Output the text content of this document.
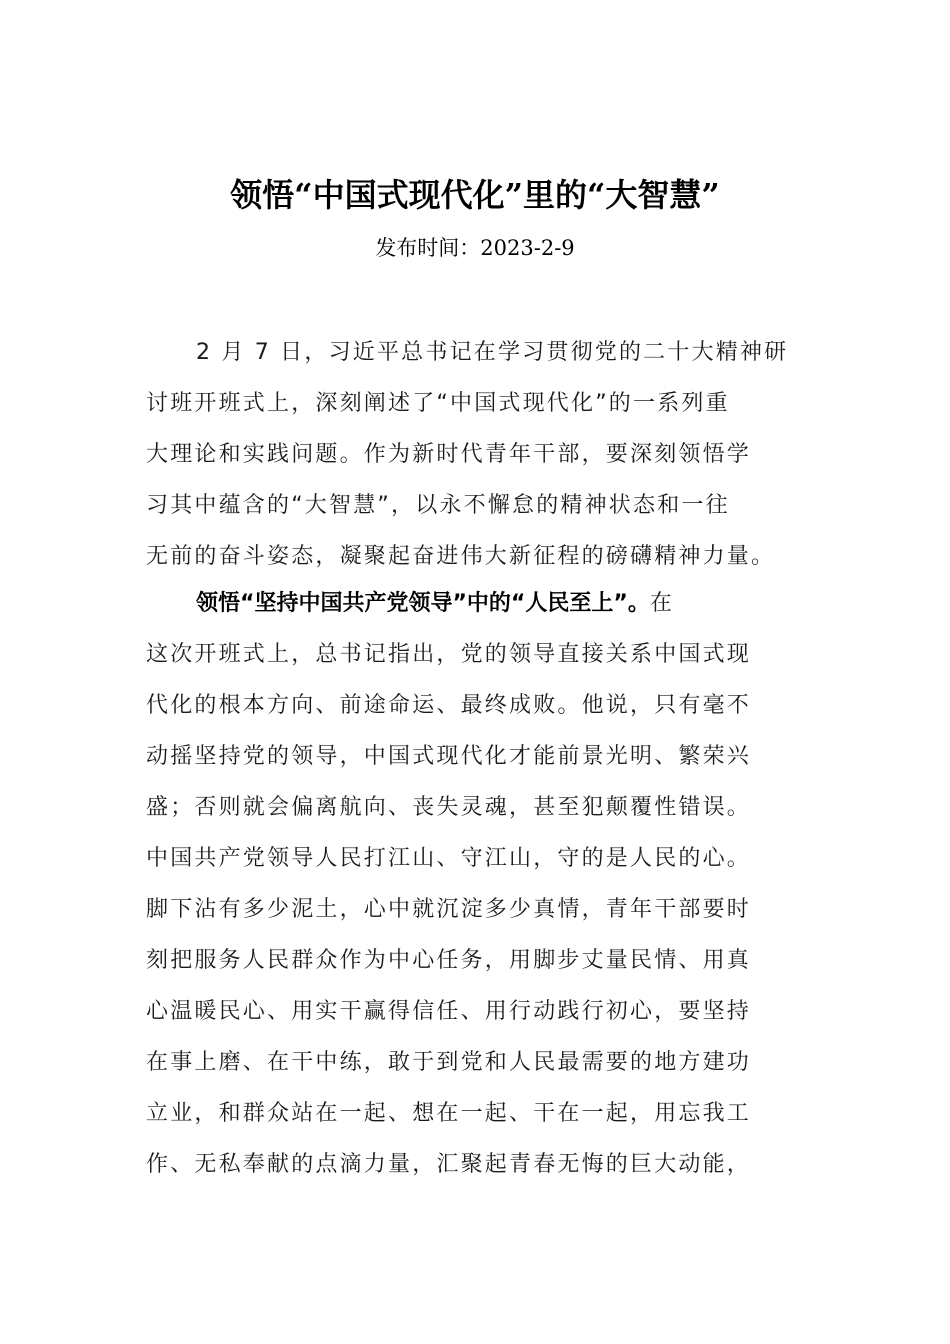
领悟“中国式现代化”里的“大智慧”
发布时间：2023-2-9
2 月 7 日，习近平总书记在学习贯彻党的二十大精神研
讨班开班式上，深刻阐述了“中国式现代化”的一系列重
大理论和实践问题。作为新时代青年干部，要深刻领悟学
习其中蕴含的“大智慧”，以永不懈怠的精神状态和一往
无前的奋斗姿态，凝聚起奋进伟大新征程的磅礴精神力量。
领悟“坚持中国共产党领导”中的“人民至上”。在
这次开班式上，总书记指出，党的领导直接关系中国式现
代化的根本方向、前途命运、最终成败。他说，只有毫不
动摇坚持党的领导，中国式现代化才能前景光明、繁荣兴
盛；否则就会偏离航向、丧失灵魂，甚至犯颠覆性错误。
中国共产党领导人民打江山、守江山，守的是人民的心。
脚下沾有多少泥土，心中就沉淀多少真情，青年干部要时
刻把服务人民群众作为中心任务，用脚步丈量民情、用真
心温暖民心、用实干赢得信任、用行动践行初心，要坚持
在事上磨、在干中练，敢于到党和人民最需要的地方建功
立业，和群众站在一起、想在一起、干在一起，用忘我工
作、无私奉献的点滴力量，汇聚起青春无悔的巨大动能，
